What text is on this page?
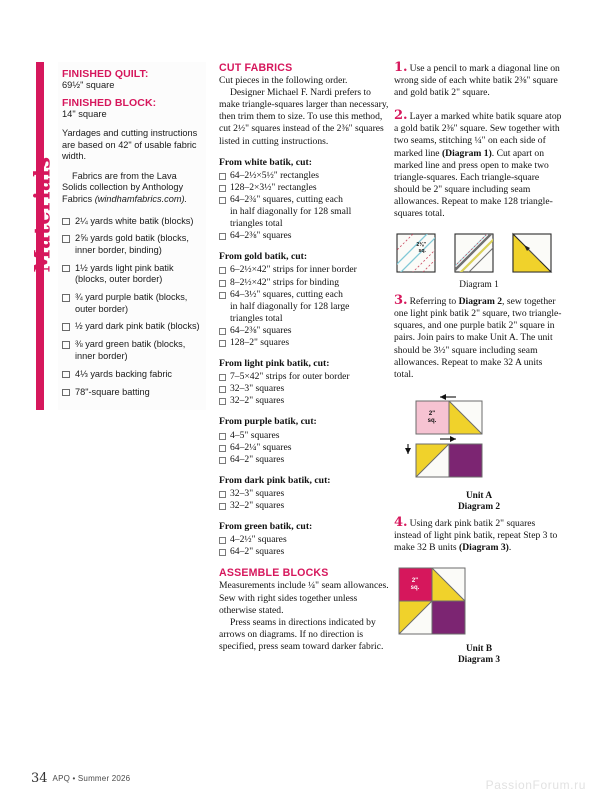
Materials
FINISHED QUILT:
69½" square
FINISHED BLOCK:
14" square
Yardages and cutting instructions are based on 42" of usable fabric width.
Fabrics are from the Lava Solids collection by Anthology Fabrics (windhamfabrics.com).
2¼ yards white batik (blocks)
2⅝ yards gold batik (blocks, inner border, binding)
1½ yards light pink batik (blocks, outer border)
¾ yard purple batik (blocks, outer border)
½ yard dark pink batik (blocks)
⅜ yard green batik (blocks, inner border)
4⅓ yards backing fabric
78"-square batting
CUT FABRICS

Cut pieces in the following order.

Designer Michael F. Nardi prefers to make triangle-squares larger than necessary, then trim them to size. To use this method, cut 2½" squares instead of the 2⅜" squares listed in cutting instructions.

From white batik, cut:
64–2½×5½" rectangles
128–2×3½" rectangles
64–2¾" squares, cutting each
in half diagonally for 128 small
triangles total
64–2⅜" squares
From gold batik, cut:
6–2½×42" strips for inner border
8–2½×42" strips for binding
64–3½" squares, cutting each
in half diagonally for 128 large
triangles total
64–2⅜" squares
128–2" squares
From light pink batik, cut:
7–5×42" strips for outer border
32–3" squares
32–2" squares
From purple batik, cut:
4–5" squares
64–2¼" squares
64–2" squares
From dark pink batik, cut:
32–3" squares
32–2" squares
From green batik, cut:
4–2½" squares
64–2" squares
ASSEMBLE BLOCKS

Measurements include ¼" seam allowances. Sew with right sides together unless otherwise stated.

Press seams in directions indicated by arrows on diagrams. If no direction is specified, press seam toward darker fabric.

1. Use a pencil to mark a diagonal line on wrong side of each white batik 2⅜" square and gold batik 2" square.
2. Layer a marked white batik square atop a gold batik 2⅜" square. Sew together with two seams, stitching ¼" on each side of marked line (Diagram 1). Cut apart on marked line and press open to make two triangle-squares. Each triangle-square should be 2" square including seam allowances. Repeat to make 128 triangle-squares total.
2⅜"
sq.
Diagram 1
3. Referring to Diagram 2, sew together one light pink batik 2" square, two triangle-squares, and one purple batik 2" square in pairs. Join pairs to make Unit A. The unit should be 3½" square including seam allowances. Repeat to make 32 A units total.
2"
sq.
Unit A
Diagram 2
4. Using dark pink batik 2" squares instead of light pink batik, repeat Step 3 to make 32 B units (Diagram 3).
2"
sq.
Unit B
Diagram 3
34 APQ • Summer 2026	PassionForum.ru
